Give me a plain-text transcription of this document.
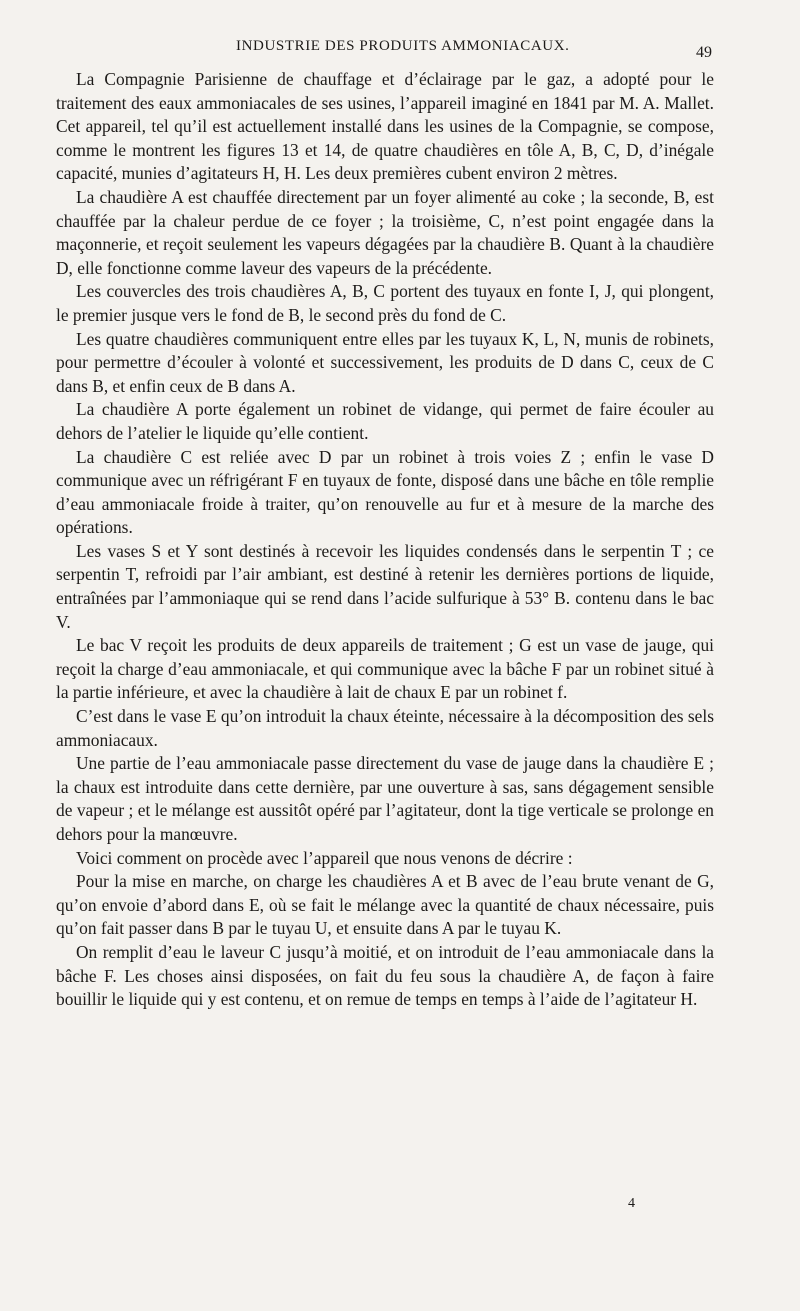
INDUSTRIE DES PRODUITS AMMONIACAUX.	49

La Compagnie Parisienne de chauffage et d’éclairage par le gaz, a adopté pour le traitement des eaux ammoniacales de ses usines, l’appareil imaginé en 1841 par M. A. Mallet. Cet appareil, tel qu’il est actuellement installé dans les usines de la Compagnie, se compose, comme le montrent les figures 13 et 14, de quatre chaudières en tôle A, B, C, D, d’inégale capacité, munies d’agitateurs H, H. Les deux premières cubent environ 2 mètres.

La chaudière A est chauffée directement par un foyer alimenté au coke ; la seconde, B, est chauffée par la chaleur perdue de ce foyer ; la troisième, C, n’est point engagée dans la maçonnerie, et reçoit seulement les vapeurs dégagées par la chaudière B. Quant à la chaudière D, elle fonctionne comme laveur des vapeurs de la précédente.

Les couvercles des trois chaudières A, B, C portent des tuyaux en fonte I, J, qui plongent, le premier jusque vers le fond de B, le second près du fond de C.

Les quatre chaudières communiquent entre elles par les tuyaux K, L, N, munis de robinets, pour permettre d’écouler à volonté et successivement, les produits de D dans C, ceux de C dans B, et enfin ceux de B dans A.

La chaudière A porte également un robinet de vidange, qui permet de faire écouler au dehors de l’atelier le liquide qu’elle contient.

La chaudière C est reliée avec D par un robinet à trois voies Z ; enfin le vase D communique avec un réfrigérant F en tuyaux de fonte, disposé dans une bâche en tôle remplie d’eau ammoniacale froide à traiter, qu’on renouvelle au fur et à mesure de la marche des opérations.

Les vases S et Y sont destinés à recevoir les liquides condensés dans le serpentin T ; ce serpentin T, refroidi par l’air ambiant, est destiné à retenir les dernières portions de liquide, entraînées par l’ammoniaque qui se rend dans l’acide sulfurique à 53° B. contenu dans le bac V.

Le bac V reçoit les produits de deux appareils de traitement ; G est un vase de jauge, qui reçoit la charge d’eau ammoniacale, et qui communique avec la bâche F par un robinet situé à la partie inférieure, et avec la chaudière à lait de chaux E par un robinet f.

C’est dans le vase E qu’on introduit la chaux éteinte, nécessaire à la décomposition des sels ammoniacaux.

Une partie de l’eau ammoniacale passe directement du vase de jauge dans la chaudière E ; la chaux est introduite dans cette dernière, par une ouverture à sas, sans dégagement sensible de vapeur ; et le mélange est aussitôt opéré par l’agitateur, dont la tige verticale se prolonge en dehors pour la manœuvre.

Voici comment on procède avec l’appareil que nous venons de décrire :

Pour la mise en marche, on charge les chaudières A et B avec de l’eau brute venant de G, qu’on envoie d’abord dans E, où se fait le mélange avec la quantité de chaux nécessaire, puis qu’on fait passer dans B par le tuyau U, et ensuite dans A par le tuyau K.

On remplit d’eau le laveur C jusqu’à moitié, et on introduit de l’eau ammoniacale dans la bâche F. Les choses ainsi disposées, on fait du feu sous la chaudière A, de façon à faire bouillir le liquide qui y est contenu, et on remue de temps en temps à l’aide de l’agitateur H.

4
